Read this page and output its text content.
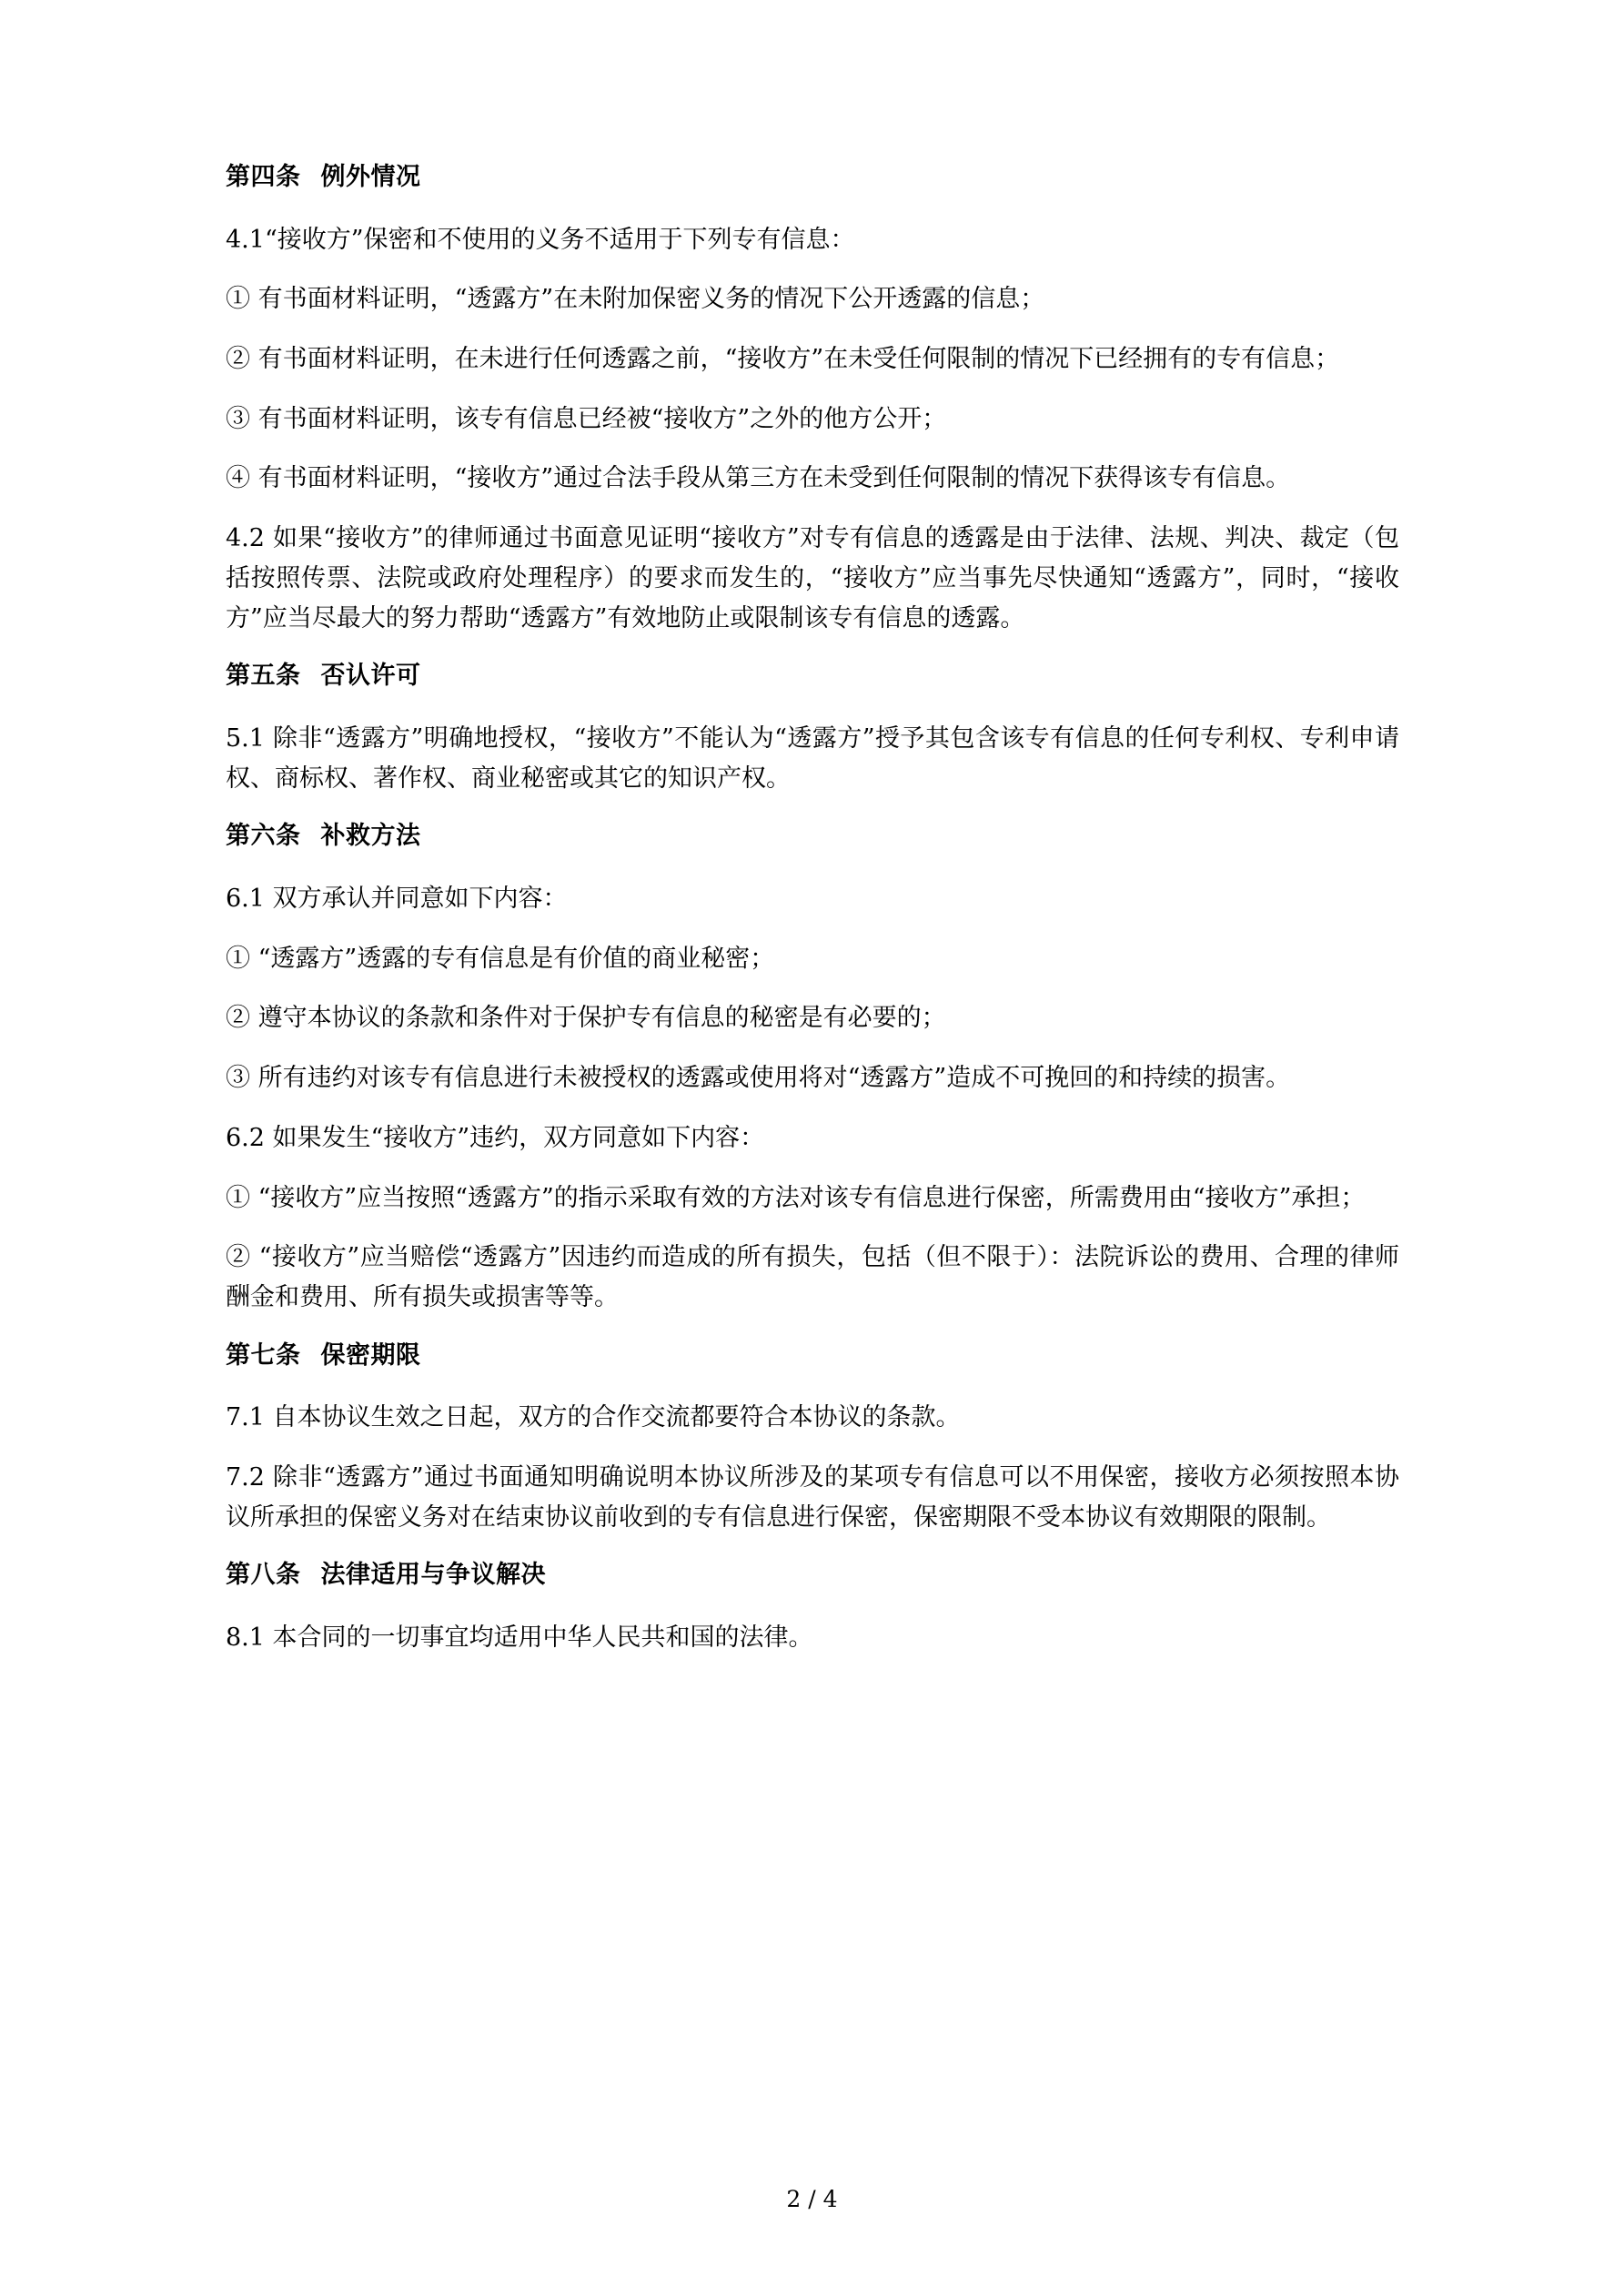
第四条 例外情况

4.1“接收方”保密和不使用的义务不适用于下列专有信息：

① 有书面材料证明，“透露方”在未附加保密义务的情况下公开透露的信息；

② 有书面材料证明，在未进行任何透露之前，“接收方”在未受任何限制的情况下已经拥有的专有信息；

③ 有书面材料证明，该专有信息已经被“接收方”之外的他方公开；

④ 有书面材料证明，“接收方”通过合法手段从第三方在未受到任何限制的情况下获得该专有信息。

4.2 如果“接收方”的律师通过书面意见证明“接收方”对专有信息的透露是由于法律、法规、判决、裁定（包括按照传票、法院或政府处理程序）的要求而发生的，“接收方”应当事先尽快通知“透露方”，同时，“接收方”应当尽最大的努力帮助“透露方”有效地防止或限制该专有信息的透露。

第五条 否认许可

5.1 除非“透露方”明确地授权，“接收方”不能认为“透露方”授予其包含该专有信息的任何专利权、专利申请权、商标权、著作权、商业秘密或其它的知识产权。

第六条 补救方法

6.1 双方承认并同意如下内容：

① “透露方”透露的专有信息是有价值的商业秘密；

② 遵守本协议的条款和条件对于保护专有信息的秘密是有必要的；

③ 所有违约对该专有信息进行未被授权的透露或使用将对“透露方”造成不可挽回的和持续的损害。

6.2 如果发生“接收方”违约，双方同意如下内容：

① “接收方”应当按照“透露方”的指示采取有效的方法对该专有信息进行保密，所需费用由“接收方”承担；

② “接收方”应当赔偿“透露方”因违约而造成的所有损失，包括（但不限于）：法院诉讼的费用、合理的律师酬金和费用、所有损失或损害等等。

第七条 保密期限

7.1 自本协议生效之日起，双方的合作交流都要符合本协议的条款。

7.2 除非“透露方”通过书面通知明确说明本协议所涉及的某项专有信息可以不用保密，接收方必须按照本协议所承担的保密义务对在结束协议前收到的专有信息进行保密，保密期限不受本协议有效期限的限制。

第八条 法律适用与争议解决

8.1 本合同的一切事宜均适用中华人民共和国的法律。

2 / 4
